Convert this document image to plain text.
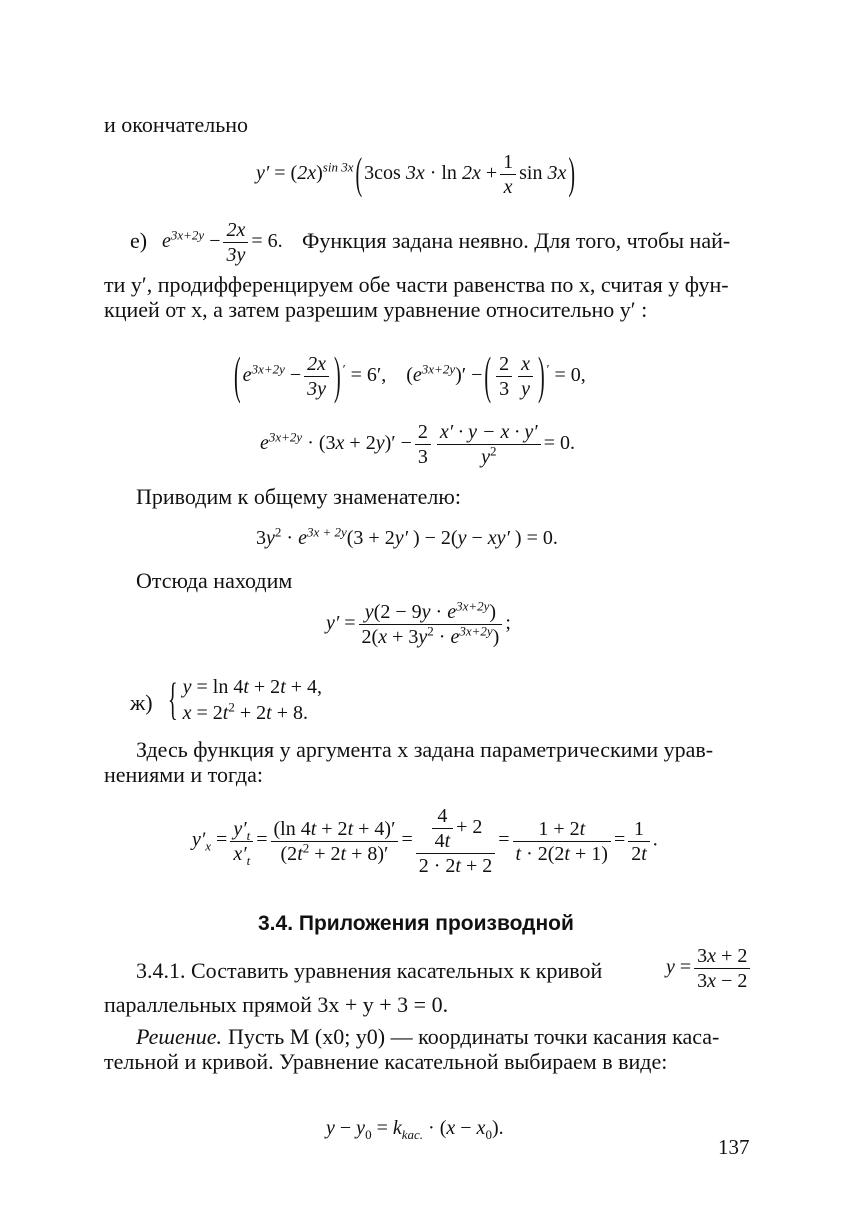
и окончательно
$y' = (2x)^{sin 3x}$ ( 3cos $3x \cdot \ln 2x + \frac{1}{x}$ sin 3x )
е) $e^{3x+2y} - \frac{2x}{3y} = 6$. Функция задана неявно. Для того, чтобы най-
ти y′, продифференцируем обе части равенства по x, считая y фун-
кцией от x, а затем разрешим уравнение относительно y′ :
( $e^{3x+2y} - \frac{2x}{3y}$ ) ′ = 6′, $(e^{3x+2y})'$ − ( $\frac{2}{3} \frac{x}{y}$ ) ′ = 0,
$e^{3x+2y} \cdot (3x + 2y)' - \frac{2}{3} \frac{x' \cdot y - x \cdot y'}{y^2} = 0$.
Приводим к общему знаменателю:
$3y^2 \cdot e^{3x + 2y}(3 + 2y'$ ) − 2(y − xy′ ) = 0.
Отсюда находим
$y' = \frac{y(2 - 9y \cdot e^{3x+2y})}{2(x + 3y^2 \cdot e^{3x+2y})}$ ;
ж) { y = ln 4t + 2t + 4,
$x = 2t^2 + 2t + 8$.
Здесь функция y аргумента x задана параметрическими урав-
нениями и тогда:
$y'_x = \frac{y'_t}{x'_t} = \frac{(\ln 4t + 2t + 4)'}{(2t^2 + 2t + 8)'} = \frac{\frac{4}{4t} + 2}{2 \cdot 2t + 2} = \frac{1 + 2t}{t \cdot 2(2t + 1)} = \frac{1}{2t}$ .
3.4. Приложения производной
3.4.1. Составить уравнения касательных к кривой	$y = \frac{3x + 2}{3x - 2}$
параллельных прямой 3x + y + 3 = 0.
Решение. Пусть M (x0; y0) — координаты точки касания каса-
тельной и кривой. Уравнение касательной выбираем в виде:
$y - y_0 = k_{kac.} \cdot (x - x_0)$.
137
